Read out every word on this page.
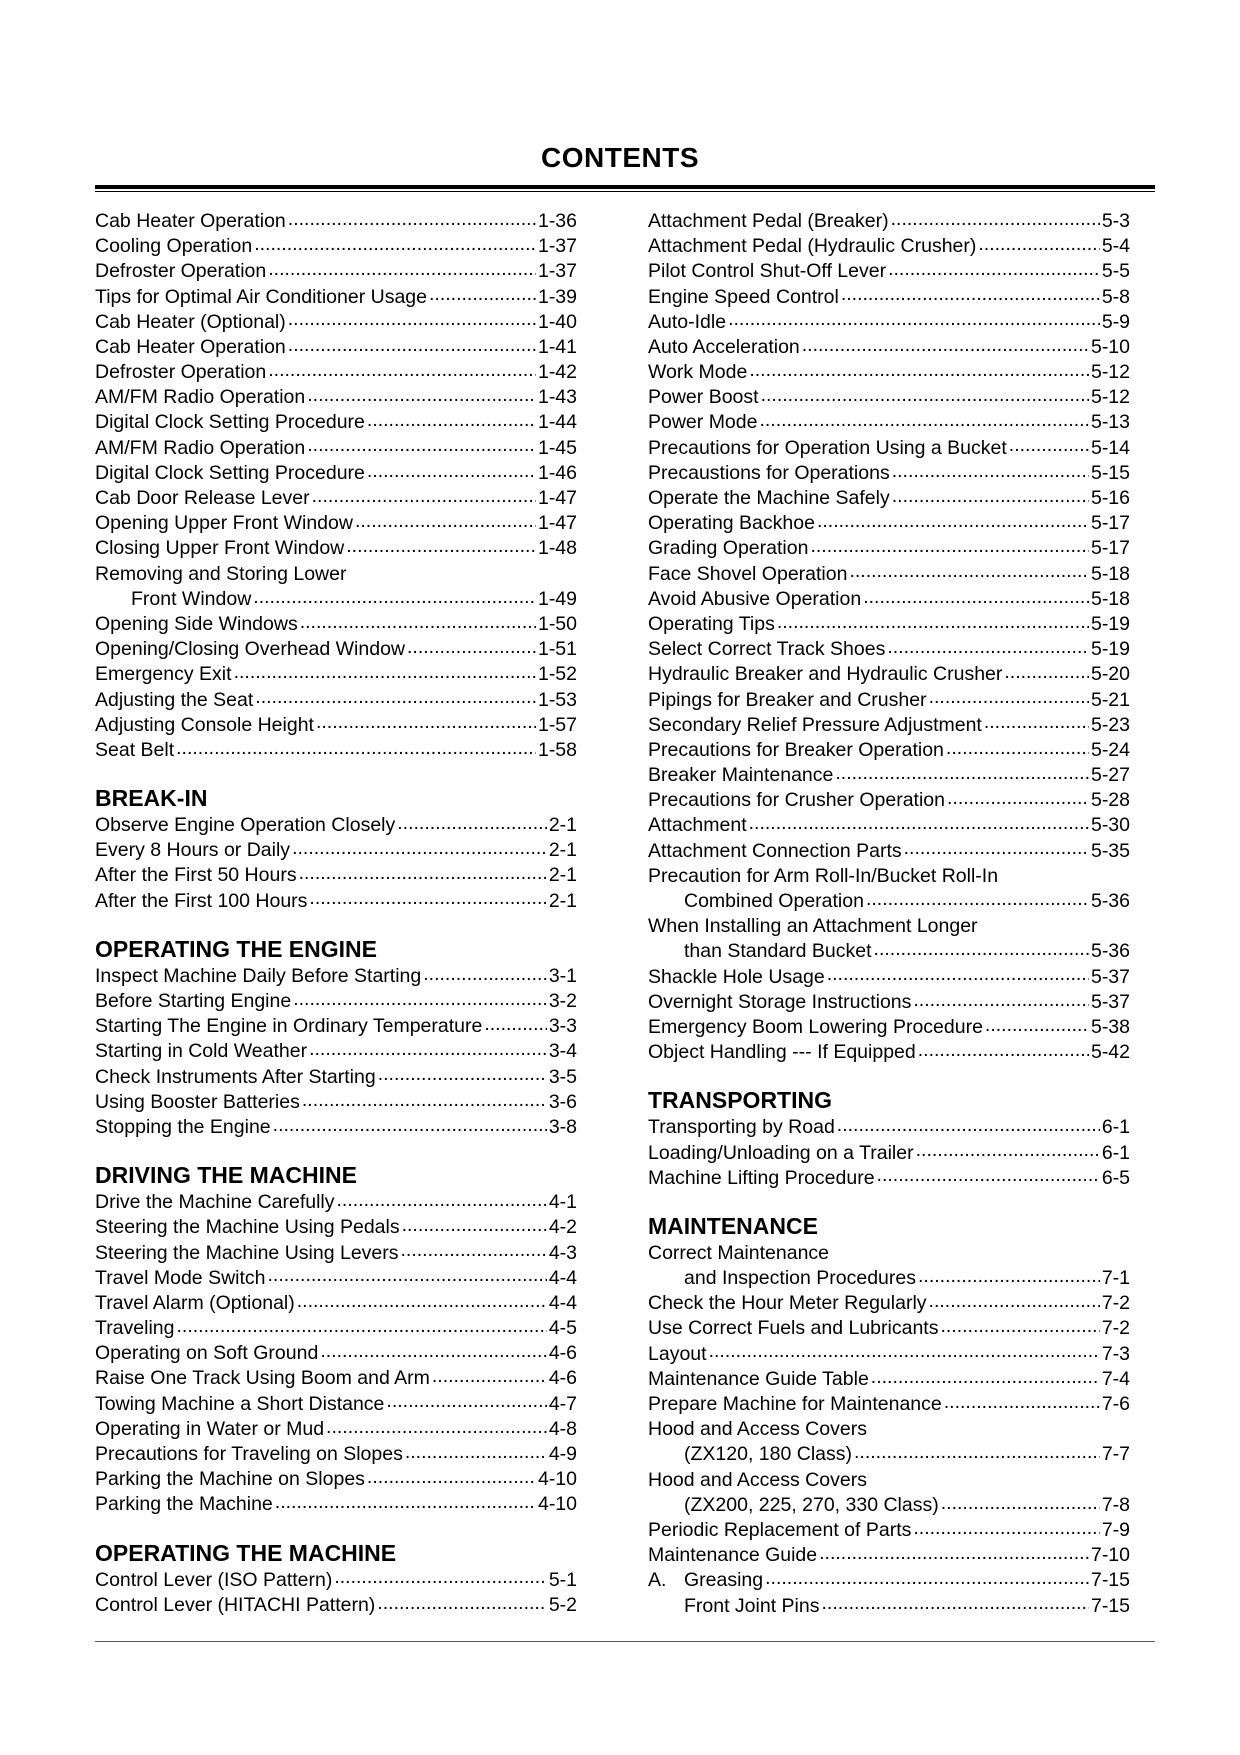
CONTENTS
Cab Heater Operation .....	1-36
Cooling Operation .....	1-37
Defroster Operation .....	1-37
Tips for Optimal Air Conditioner Usage .....	1-39
Cab Heater (Optional) .....	1-40
Cab Heater Operation .....	1-41
Defroster Operation .....	1-42
AM/FM Radio Operation .....	1-43
Digital Clock Setting Procedure .....	1-44
AM/FM Radio Operation .....	1-45
Digital Clock Setting Procedure .....	1-46
Cab Door Release Lever .....	1-47
Opening Upper Front Window .....	1-47
Closing Upper Front Window .....	1-48
Removing and Storing Lower
Front Window .....	1-49
Opening Side Windows .....	1-50
Opening/Closing Overhead Window .....	1-51
Emergency Exit .....	1-52
Adjusting the Seat .....	1-53
Adjusting Console Height .....	1-57
Seat Belt .....	1-58
BREAK-IN
Observe Engine Operation Closely .....	2-1
Every 8 Hours or Daily .....	2-1
After the First 50 Hours .....	2-1
After the First 100 Hours .....	2-1
OPERATING THE ENGINE
Inspect Machine Daily Before Starting .....	3-1
Before Starting Engine .....	3-2
Starting The Engine in Ordinary Temperature .....	3-3
Starting in Cold Weather .....	3-4
Check Instruments After Starting .....	3-5
Using Booster Batteries .....	3-6
Stopping the Engine .....	3-8
DRIVING THE MACHINE
Drive the Machine Carefully .....	4-1
Steering the Machine Using Pedals .....	4-2
Steering the Machine Using Levers .....	4-3
Travel Mode Switch .....	4-4
Travel Alarm (Optional) .....	4-4
Traveling .....	4-5
Operating on Soft Ground .....	4-6
Raise One Track Using Boom and Arm .....	4-6
Towing Machine a Short Distance .....	4-7
Operating in Water or Mud .....	4-8
Precautions for Traveling on Slopes .....	4-9
Parking the Machine on Slopes .....	4-10
Parking the Machine .....	4-10
OPERATING THE MACHINE
Control Lever (ISO Pattern) .....	5-1
Control Lever (HITACHI Pattern) .....	5-2
Attachment Pedal (Breaker) .....	5-3
Attachment Pedal (Hydraulic Crusher) .....	5-4
Pilot Control Shut-Off Lever .....	5-5
Engine Speed Control .....	5-8
Auto-Idle .....	5-9
Auto Acceleration .....	5-10
Work Mode .....	5-12
Power Boost .....	5-12
Power Mode .....	5-13
Precautions for Operation Using a Bucket .....	5-14
Precaustions for Operations .....	5-15
Operate the Machine Safely .....	5-16
Operating Backhoe .....	5-17
Grading Operation .....	5-17
Face Shovel Operation .....	5-18
Avoid Abusive Operation .....	5-18
Operating Tips .....	5-19
Select Correct Track Shoes .....	5-19
Hydraulic Breaker and Hydraulic Crusher .....	5-20
Pipings for Breaker and Crusher .....	5-21
Secondary Relief Pressure Adjustment .....	5-23
Precautions for Breaker Operation .....	5-24
Breaker Maintenance .....	5-27
Precautions for Crusher Operation .....	5-28
Attachment .....	5-30
Attachment Connection Parts .....	5-35
Precaution for Arm Roll-In/Bucket Roll-In
Combined Operation .....	5-36
When Installing an Attachment Longer
than Standard Bucket .....	5-36
Shackle Hole Usage .....	5-37
Overnight Storage Instructions .....	5-37
Emergency Boom Lowering Procedure .....	5-38
Object Handling --- If Equipped .....	5-42
TRANSPORTING
Transporting by Road .....	6-1
Loading/Unloading on a Trailer .....	6-1
Machine Lifting Procedure .....	6-5
MAINTENANCE
Correct Maintenance
and Inspection Procedures .....	7-1
Check the Hour Meter Regularly .....	7-2
Use Correct Fuels and Lubricants .....	7-2
Layout .....	7-3
Maintenance Guide Table .....	7-4
Prepare Machine for Maintenance .....	7-6
Hood and Access Covers
(ZX120, 180 Class) .....	7-7
Hood and Access Covers
(ZX200, 225, 270, 330 Class) .....	7-8
Periodic Replacement of Parts .....	7-9
Maintenance Guide .....	7-10
A. Greasing .....	7-15
Front Joint Pins .....	7-15
